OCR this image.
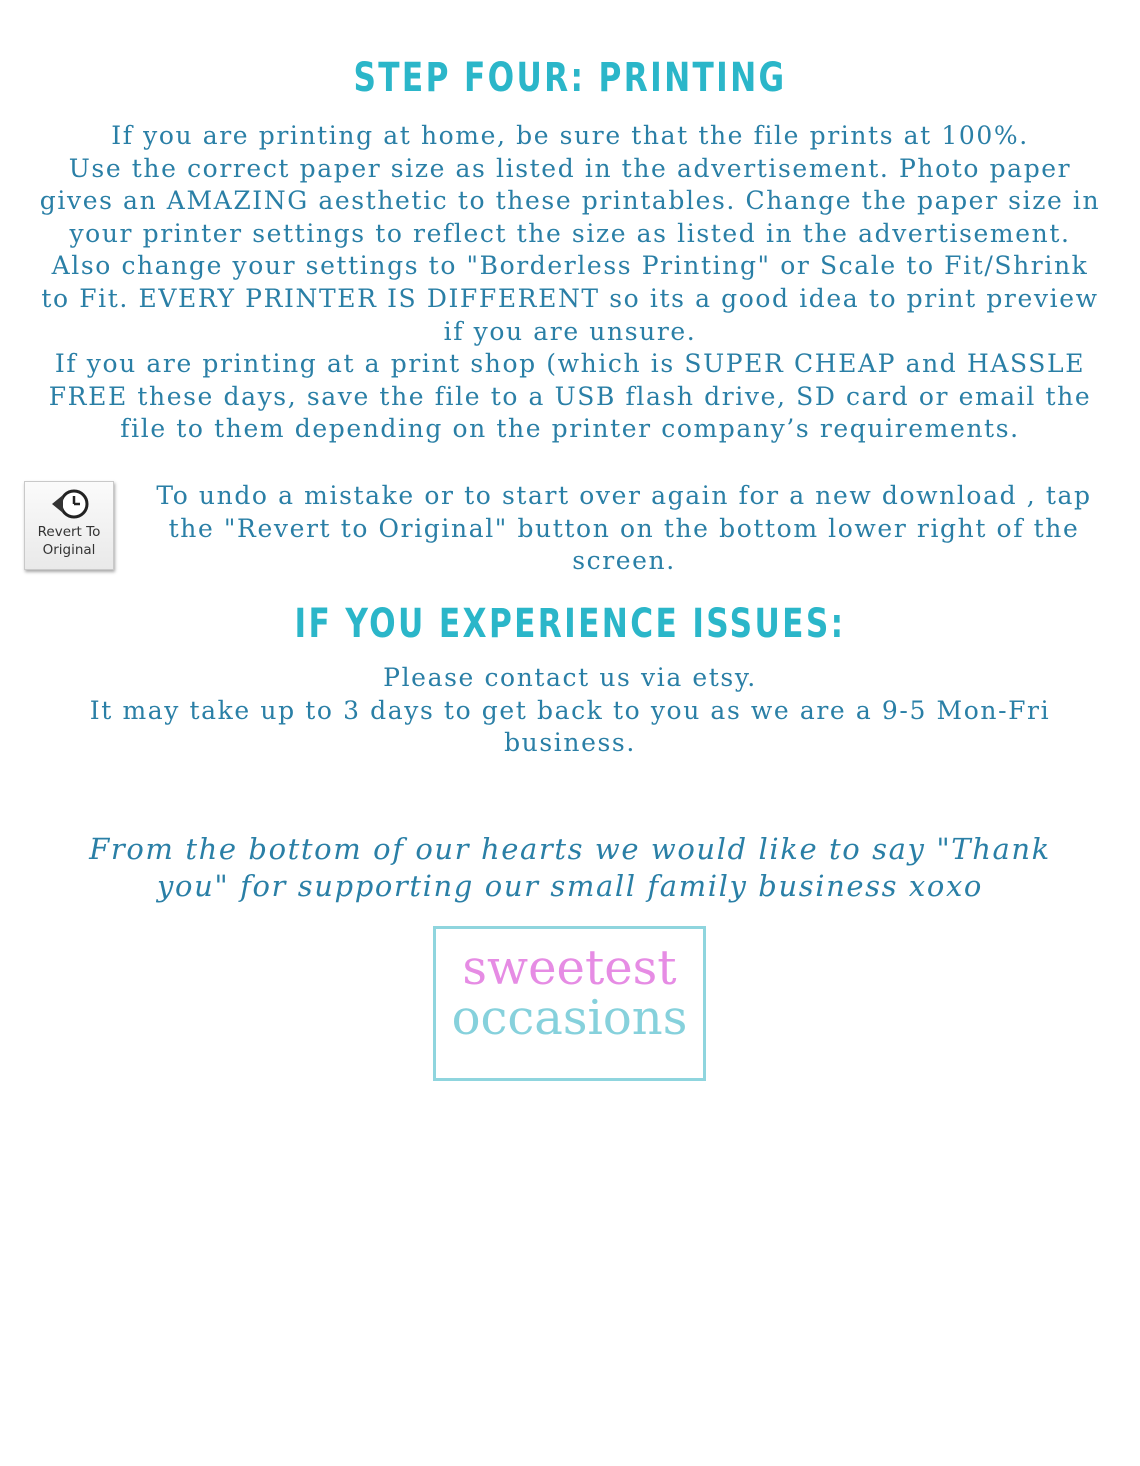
STEP FOUR: PRINTING

If you are printing at home, be sure that the file prints at 100%.
Use the correct paper size as listed in the advertisement. Photo paper
gives an AMAZING aesthetic to these printables. Change the paper size in
your printer settings to reflect the size as listed in the advertisement.
Also change your settings to "Borderless Printing" or Scale to Fit/Shrink
to Fit. EVERY PRINTER IS DIFFERENT so its a good idea to print preview
if you are unsure.
If you are printing at a print shop (which is SUPER CHEAP and HASSLE
FREE these days, save the file to a USB flash drive, SD card or email the
file to them depending on the printer company’s requirements.

Revert To
Original

To undo a mistake or to start over again for a new download , tap
the "Revert to Original" button on the bottom lower right of the
screen.

IF YOU EXPERIENCE ISSUES:

Please contact us via etsy.
It may take up to 3 days to get back to you as we are a 9-5 Mon-Fri
business.

From the bottom of our hearts we would like to say "Thank
you" for supporting our small family business xoxo
sweetest
occasions
